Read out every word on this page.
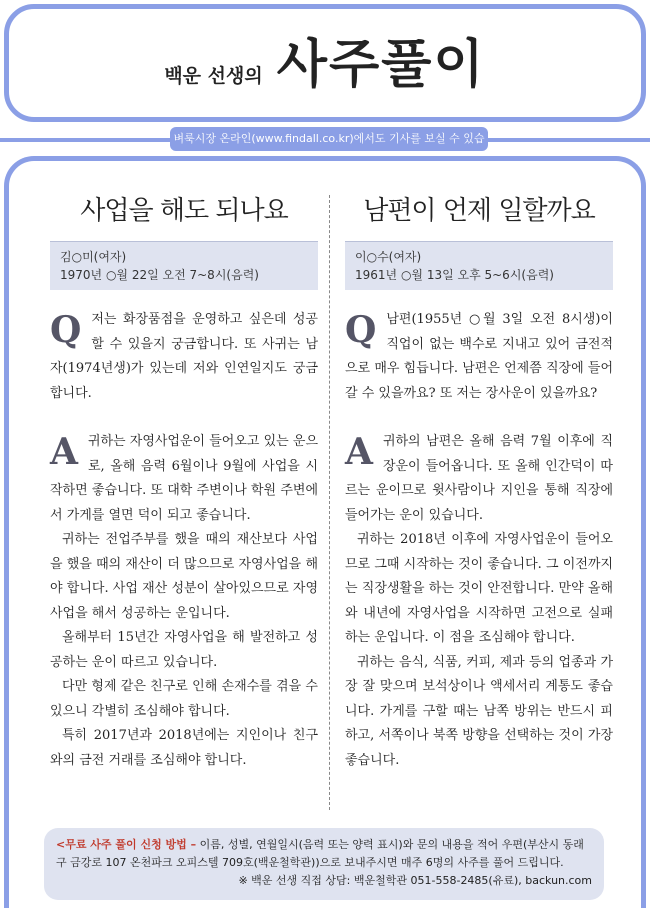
백운 선생의 사주풀이
벼룩시장 온라인(www.findall.co.kr)에서도 기사를 보실 수 있습
사업을 해도 되나요
김○미(여자)
1970년 ○월 22일 오전 7~8시(음력)
Q 저는 화장품점을 운영하고 싶은데 성공할 수 있을지 궁금합니다. 또 사귀는 남자(1974년생)가 있는데 저와 인연일지도 궁금합니다.
A 귀하는 자영사업운이 들어오고 있는 운으로, 올해 음력 6월이나 9월에 사업을 시작하면 좋습니다. 또 대학 주변이나 학원 주변에서 가게를 열면 덕이 되고 좋습니다.
귀하는 전업주부를 했을 때의 재산보다 사업을 했을 때의 재산이 더 많으므로 자영사업을 해야 합니다. 사업 재산 성분이 살아있으므로 자영사업을 해서 성공하는 운입니다.
올해부터 15년간 자영사업을 해 발전하고 성공하는 운이 따르고 있습니다.
다만 형제 같은 친구로 인해 손재수를 겪을 수 있으니 각별히 조심해야 합니다.
특히 2017년과 2018년에는 지인이나 친구와의 금전 거래를 조심해야 합니다.
남편이 언제 일할까요
이○수(여자)
1961년 ○월 13일 오후 5~6시(음력)
Q 남편(1955년 ○월 3일 오전 8시생)이 직업이 없는 백수로 지내고 있어 금전적으로 매우 힘듭니다. 남편은 언제쯤 직장에 들어갈 수 있을까요? 또 저는 장사운이 있을까요?
A 귀하의 남편은 올해 음력 7월 이후에 직장운이 들어옵니다. 또 올해 인간덕이 따르는 운이므로 윗사람이나 지인을 통해 직장에 들어가는 운이 있습니다.
귀하는 2018년 이후에 자영사업운이 들어오므로 그때 시작하는 것이 좋습니다. 그 이전까지는 직장생활을 하는 것이 안전합니다. 만약 올해와 내년에 자영사업을 시작하면 고전으로 실패하는 운입니다. 이 점을 조심해야 합니다.
귀하는 음식, 식품, 커피, 제과 등의 업종과 가장 잘 맞으며 보석상이나 액세서리 계통도 좋습니다. 가게를 구할 때는 남쪽 방위는 반드시 피하고, 서쪽이나 북쪽 방향을 선택하는 것이 가장 좋습니다.
<무료 사주 풀이 신청 방법 – 이름, 성별, 연월일시(음력 또는 양력 표시)와 문의 내용을 적어 우편(부산시 동래구 금강로 107 온천파크 오피스텔 709호(백운철학관))으로 보내주시면 매주 6명의 사주를 풀어 드립니다.
※ 백운 선생 직접 상담: 백운철학관 051-558-2485(유료), backun.com
